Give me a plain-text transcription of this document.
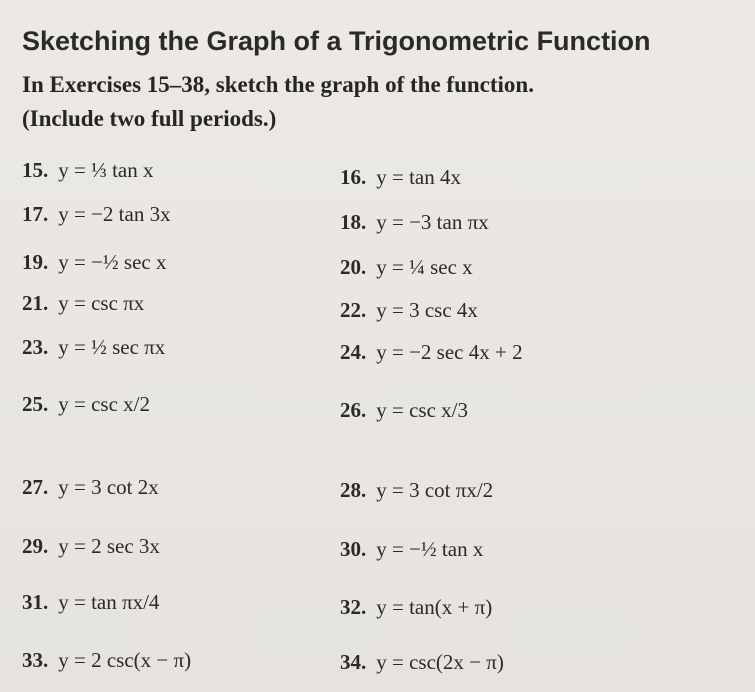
Sketching the Graph of a Trigonometric Function
In Exercises 15–38, sketch the graph of the function.
(Include two full periods.)
15. y = ⅓ tan x	16. y = tan 4x
17. y = −2 tan 3x	18. y = −3 tan πx
19. y = −½ sec x	20. y = ¼ sec x
21. y = csc πx	22. y = 3 csc 4x
23. y = ½ sec πx	24. y = −2 sec 4x + 2
25. y = csc x/2	26. y = csc x/3
27. y = 3 cot 2x	28. y = 3 cot πx/2
29. y = 2 sec 3x	30. y = −½ tan x
31. y = tan πx/4	32. y = tan(x + π)
33. y = 2 csc(x − π)	34. y = csc(2x − π)
